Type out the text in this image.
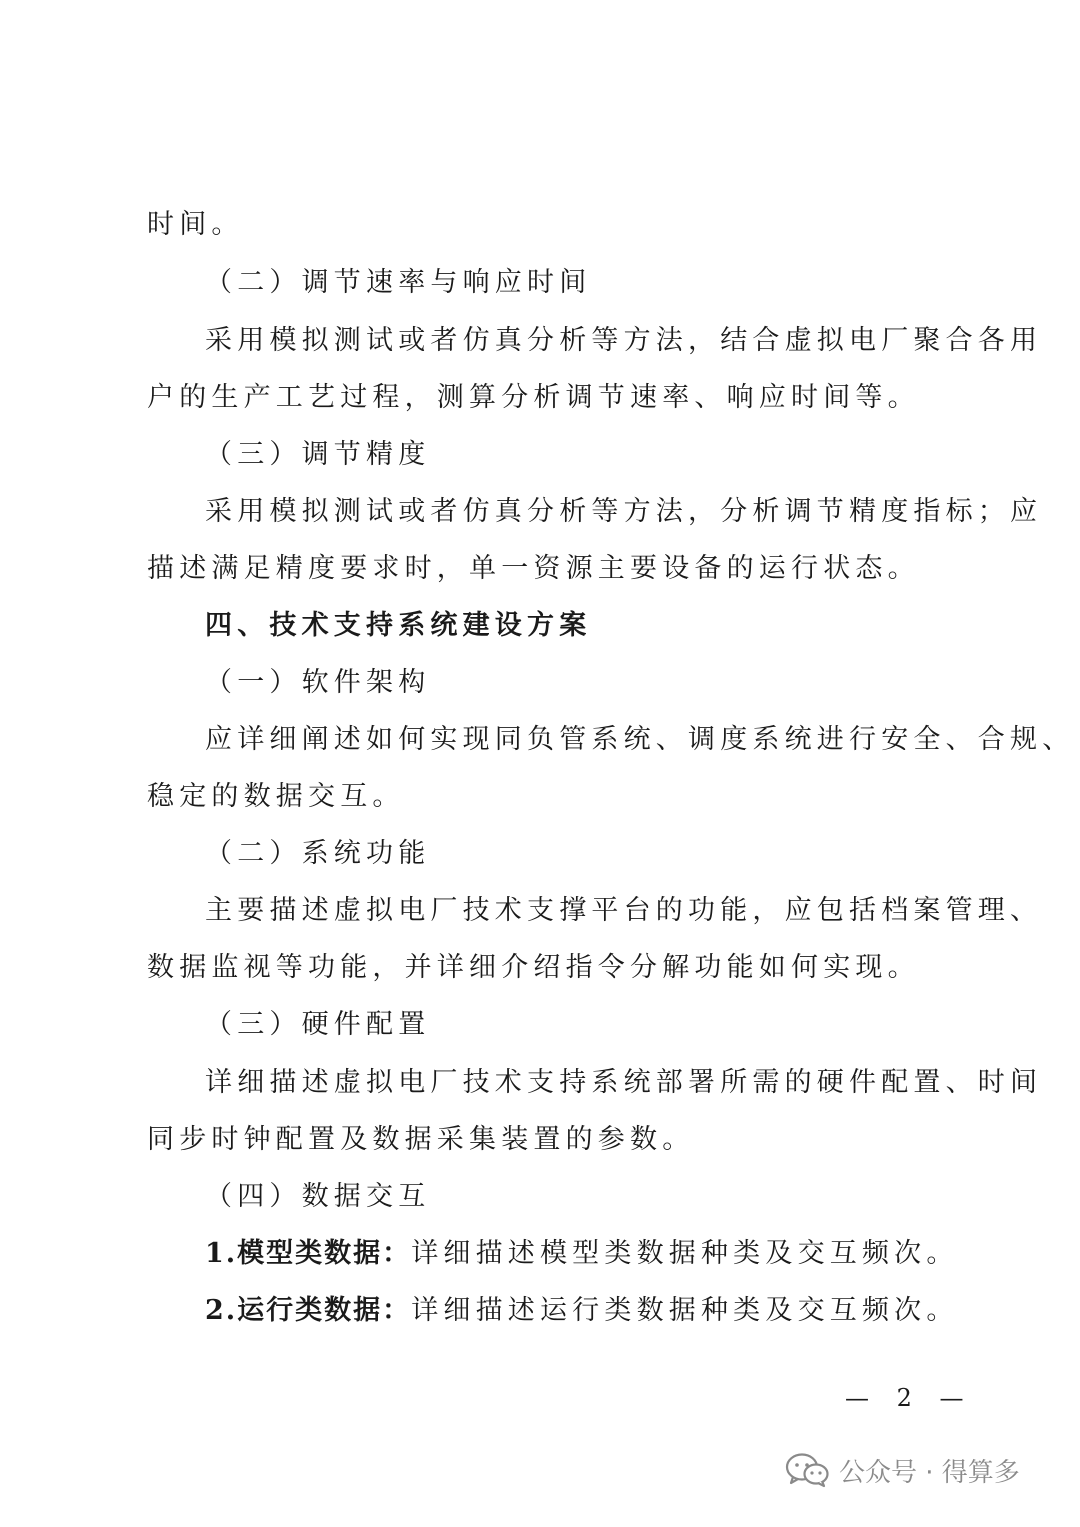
时间。
（二）调节速率与响应时间
采用模拟测试或者仿真分析等方法，结合虚拟电厂聚合各用
户的生产工艺过程，测算分析调节速率、响应时间等。
（三）调节精度
采用模拟测试或者仿真分析等方法，分析调节精度指标；应
描述满足精度要求时，单一资源主要设备的运行状态。
四、技术支持系统建设方案
（一）软件架构
应详细阐述如何实现同负管系统、调度系统进行安全、合规、
稳定的数据交互。
（二）系统功能
主要描述虚拟电厂技术支撑平台的功能，应包括档案管理、
数据监视等功能，并详细介绍指令分解功能如何实现。
（三）硬件配置
详细描述虚拟电厂技术支持系统部署所需的硬件配置、时间
同步时钟配置及数据采集装置的参数。
（四）数据交互
1.模型类数据：详细描述模型类数据种类及交互频次。
2.运行类数据：详细描述运行类数据种类及交互频次。
— 2 —
公众号 · 得算多
